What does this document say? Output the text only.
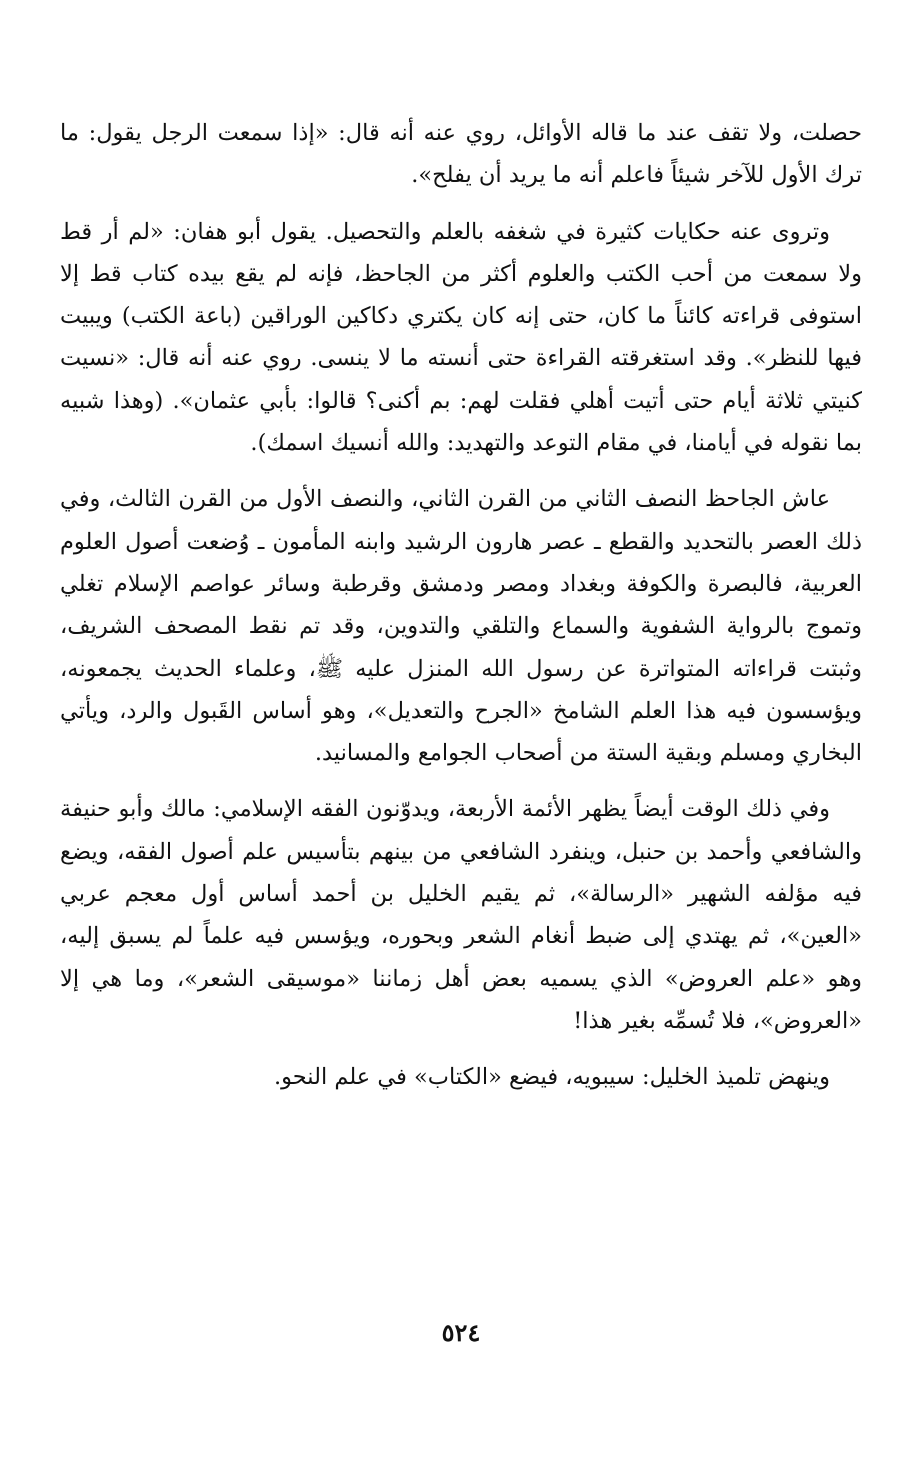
حصلت، ولا تقف عند ما قاله الأوائل، روي عنه أنه قال: «إذا سمعت الرجل يقول: ما ترك الأول للآخر شيئاً فاعلم أنه ما يريد أن يفلح».

وتروى عنه حكايات كثيرة في شغفه بالعلم والتحصيل. يقول أبو هفان: «لم أر قط ولا سمعت من أحب الكتب والعلوم أكثر من الجاحظ، فإنه لم يقع بيده كتاب قط إلا استوفى قراءته كائناً ما كان، حتى إنه كان يكتري دكاكين الوراقين (باعة الكتب) ويبيت فيها للنظر». وقد استغرقته القراءة حتى أنسته ما لا ينسى. روي عنه أنه قال: «نسيت كنيتي ثلاثة أيام حتى أتيت أهلي فقلت لهم: بم أكنى؟ قالوا: بأبي عثمان». (وهذا شبيه بما نقوله في أيامنا، في مقام التوعد والتهديد: والله أنسيك اسمك).

عاش الجاحظ النصف الثاني من القرن الثاني، والنصف الأول من القرن الثالث، وفي ذلك العصر بالتحديد والقطع ـ عصر هارون الرشيد وابنه المأمون ـ وُضعت أصول العلوم العربية، فالبصرة والكوفة وبغداد ومصر ودمشق وقرطبة وسائر عواصم الإسلام تغلي وتموج بالرواية الشفوية والسماع والتلقي والتدوين، وقد تم نقط المصحف الشريف، وثبتت قراءاته المتواترة عن رسول الله المنزل عليه ﷺ، وعلماء الحديث يجمعونه، ويؤسسون فيه هذا العلم الشامخ «الجرح والتعديل»، وهو أساس القَبول والرد، ويأتي البخاري ومسلم وبقية الستة من أصحاب الجوامع والمسانيد.

وفي ذلك الوقت أيضاً يظهر الأئمة الأربعة، ويدوّنون الفقه الإسلامي: مالك وأبو حنيفة والشافعي وأحمد بن حنبل، وينفرد الشافعي من بينهم بتأسيس علم أصول الفقه، ويضع فيه مؤلفه الشهير «الرسالة»، ثم يقيم الخليل بن أحمد أساس أول معجم عربي «العين»، ثم يهتدي إلى ضبط أنغام الشعر وبحوره، ويؤسس فيه علماً لم يسبق إليه، وهو «علم العروض» الذي يسميه بعض أهل زماننا «موسيقى الشعر»، وما هي إلا «العروض»، فلا تُسمِّه بغير هذا!

وينهض تلميذ الخليل: سيبويه، فيضع «الكتاب» في علم النحو.

٥٢٤
